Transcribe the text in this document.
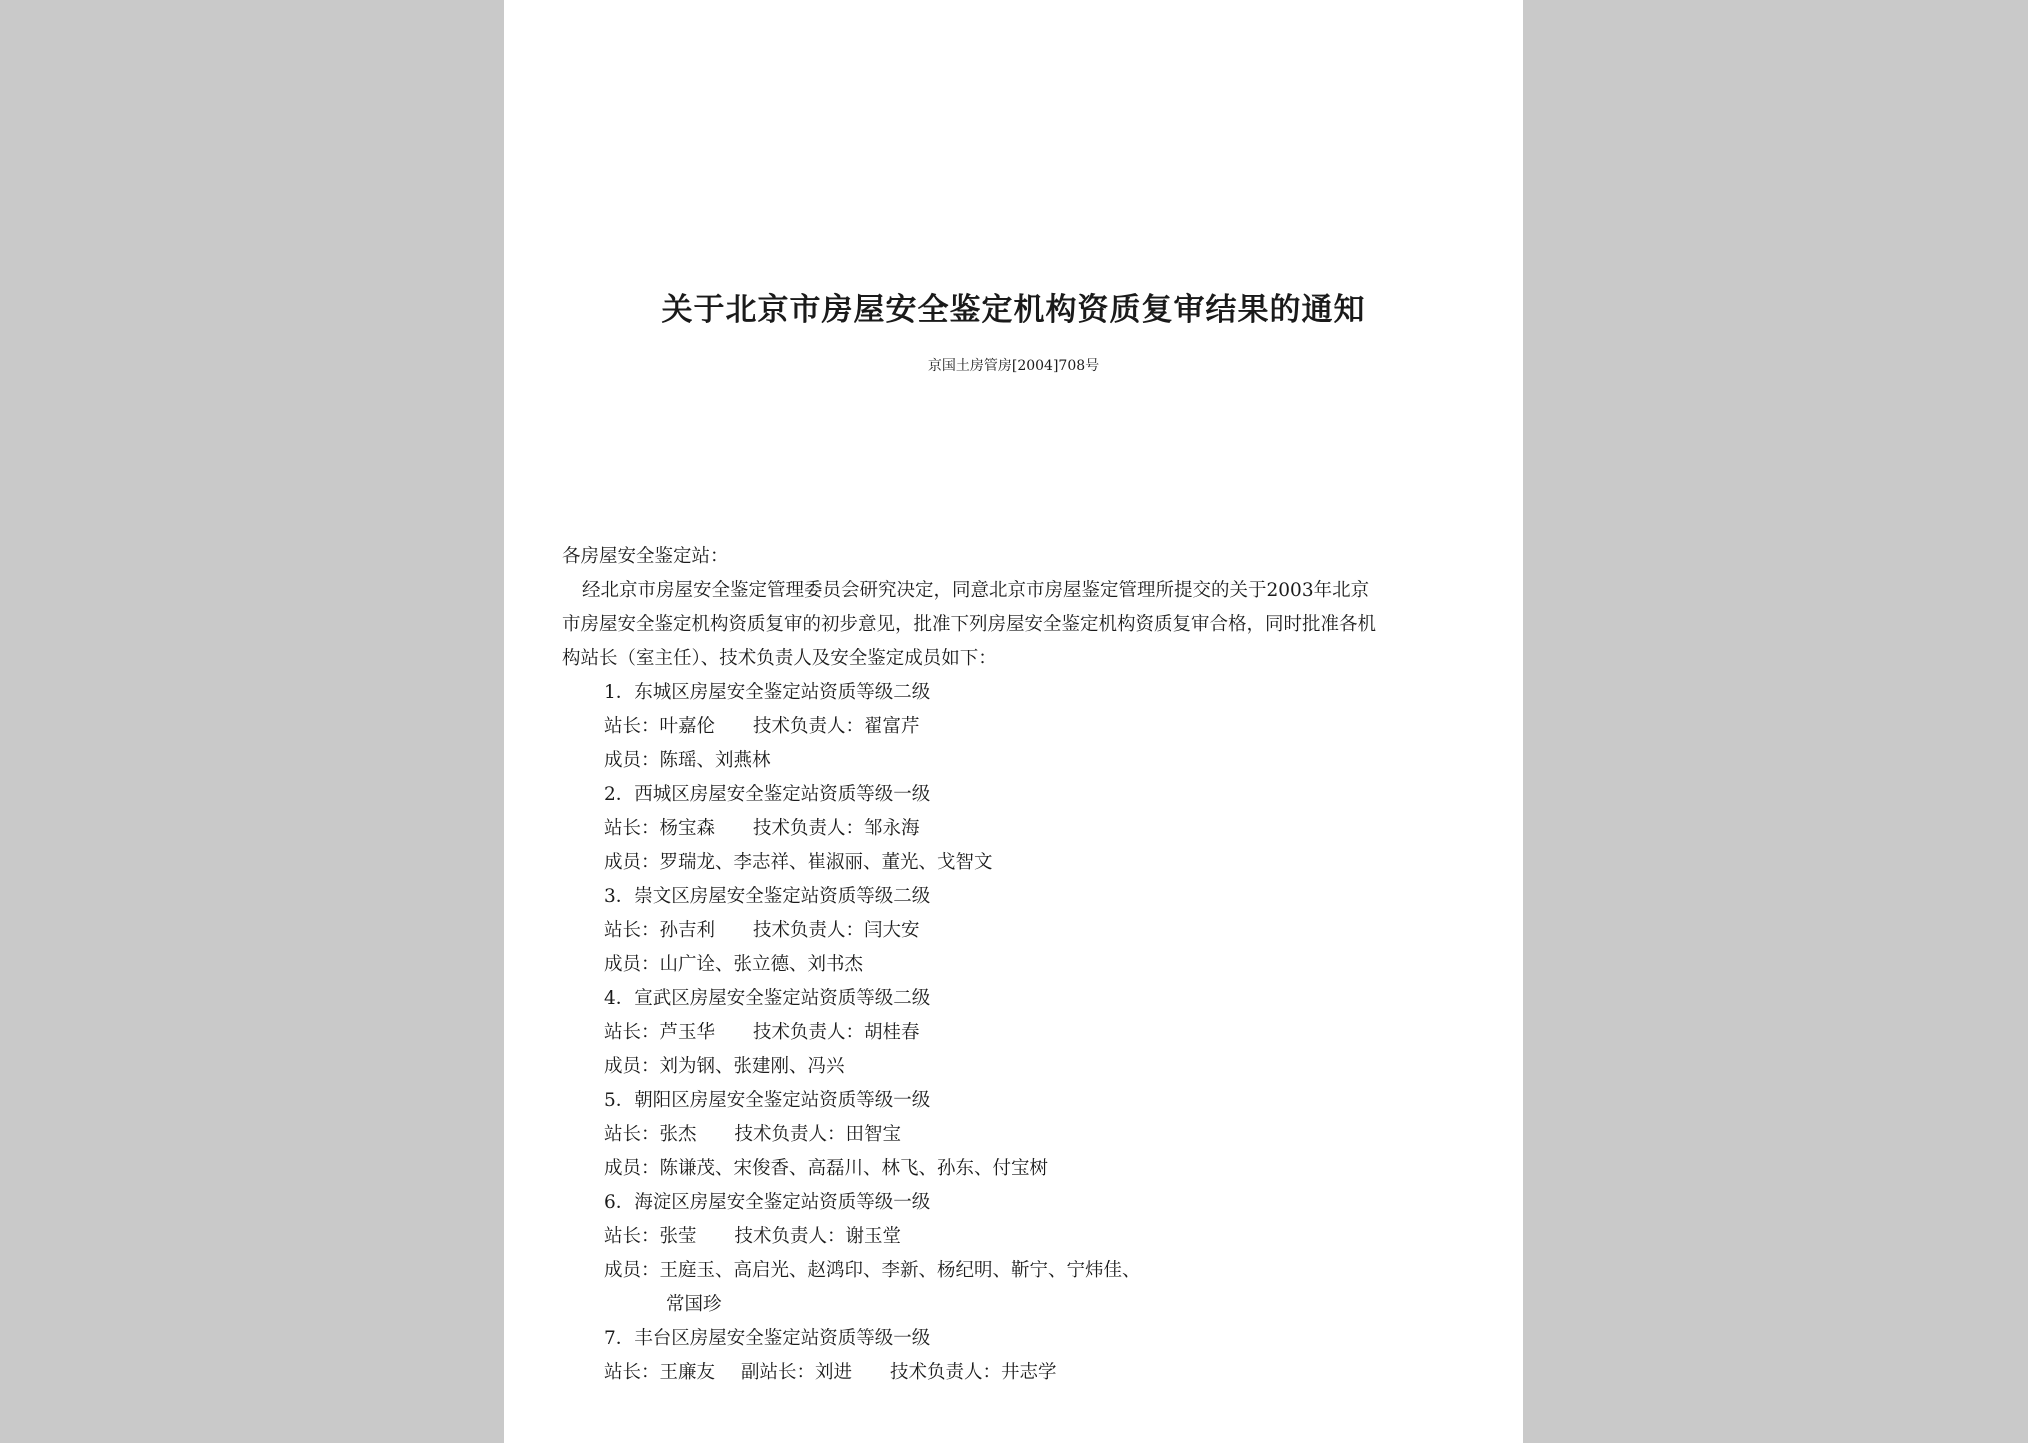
关于北京市房屋安全鉴定机构资质复审结果的通知
京国土房管房[2004]708号
各房屋安全鉴定站：
经北京市房屋安全鉴定管理委员会研究决定，同意北京市房屋鉴定管理所提交的关于2003年北京
市房屋安全鉴定机构资质复审的初步意见，批准下列房屋安全鉴定机构资质复审合格，同时批准各机
构站长（室主任）、技术负责人及安全鉴定成员如下：
1．东城区房屋安全鉴定站资质等级二级
站长：叶嘉伦 技术负责人：翟富芹
成员：陈瑶、刘燕林
2．西城区房屋安全鉴定站资质等级一级
站长：杨宝森 技术负责人：邹永海
成员：罗瑞龙、李志祥、崔淑丽、董光、戈智文
3．崇文区房屋安全鉴定站资质等级二级
站长：孙吉利 技术负责人：闫大安
成员：山广诠、张立德、刘书杰
4．宣武区房屋安全鉴定站资质等级二级
站长：芦玉华 技术负责人：胡桂春
成员：刘为钢、张建刚、冯兴
5．朝阳区房屋安全鉴定站资质等级一级
站长：张杰 技术负责人：田智宝
成员：陈谦茂、宋俊香、高磊川、林飞、孙东、付宝树
6．海淀区房屋安全鉴定站资质等级一级
站长：张莹 技术负责人：谢玉堂
成员：王庭玉、高启光、赵鸿印、李新、杨纪明、靳宁、宁炜佳、
常国珍
7．丰台区房屋安全鉴定站资质等级一级
站长：王廉友 副站长：刘进 技术负责人：井志学
